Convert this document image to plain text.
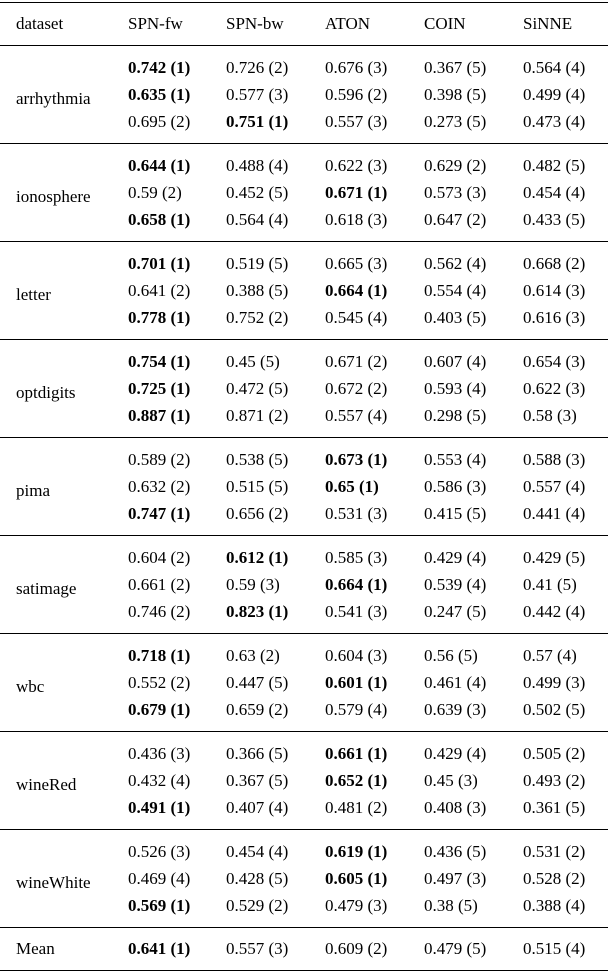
dataset	SPN-fw	SPN-bw	ATON	COIN	SiNNE
arrhythmia	0.742 (1)	0.726 (2)	0.676 (3)	0.367 (5)	0.564 (4)
	0.635 (1)	0.577 (3)	0.596 (2)	0.398 (5)	0.499 (4)
	0.695 (2)	0.751 (1)	0.557 (3)	0.273 (5)	0.473 (4)
ionosphere	0.644 (1)	0.488 (4)	0.622 (3)	0.629 (2)	0.482 (5)
	0.59 (2)	0.452 (5)	0.671 (1)	0.573 (3)	0.454 (4)
	0.658 (1)	0.564 (4)	0.618 (3)	0.647 (2)	0.433 (5)
letter	0.701 (1)	0.519 (5)	0.665 (3)	0.562 (4)	0.668 (2)
	0.641 (2)	0.388 (5)	0.664 (1)	0.554 (4)	0.614 (3)
	0.778 (1)	0.752 (2)	0.545 (4)	0.403 (5)	0.616 (3)
optdigits	0.754 (1)	0.45 (5)	0.671 (2)	0.607 (4)	0.654 (3)
	0.725 (1)	0.472 (5)	0.672 (2)	0.593 (4)	0.622 (3)
	0.887 (1)	0.871 (2)	0.557 (4)	0.298 (5)	0.58 (3)
pima	0.589 (2)	0.538 (5)	0.673 (1)	0.553 (4)	0.588 (3)
	0.632 (2)	0.515 (5)	0.65 (1)	0.586 (3)	0.557 (4)
	0.747 (1)	0.656 (2)	0.531 (3)	0.415 (5)	0.441 (4)
satimage	0.604 (2)	0.612 (1)	0.585 (3)	0.429 (4)	0.429 (5)
	0.661 (2)	0.59 (3)	0.664 (1)	0.539 (4)	0.41 (5)
	0.746 (2)	0.823 (1)	0.541 (3)	0.247 (5)	0.442 (4)
wbc	0.718 (1)	0.63 (2)	0.604 (3)	0.56 (5)	0.57 (4)
	0.552 (2)	0.447 (5)	0.601 (1)	0.461 (4)	0.499 (3)
	0.679 (1)	0.659 (2)	0.579 (4)	0.639 (3)	0.502 (5)
wineRed	0.436 (3)	0.366 (5)	0.661 (1)	0.429 (4)	0.505 (2)
	0.432 (4)	0.367 (5)	0.652 (1)	0.45 (3)	0.493 (2)
	0.491 (1)	0.407 (4)	0.481 (2)	0.408 (3)	0.361 (5)
wineWhite	0.526 (3)	0.454 (4)	0.619 (1)	0.436 (5)	0.531 (2)
	0.469 (4)	0.428 (5)	0.605 (1)	0.497 (3)	0.528 (2)
	0.569 (1)	0.529 (2)	0.479 (3)	0.38 (5)	0.388 (4)
Mean	0.641 (1)	0.557 (3)	0.609 (2)	0.479 (5)	0.515 (4)
